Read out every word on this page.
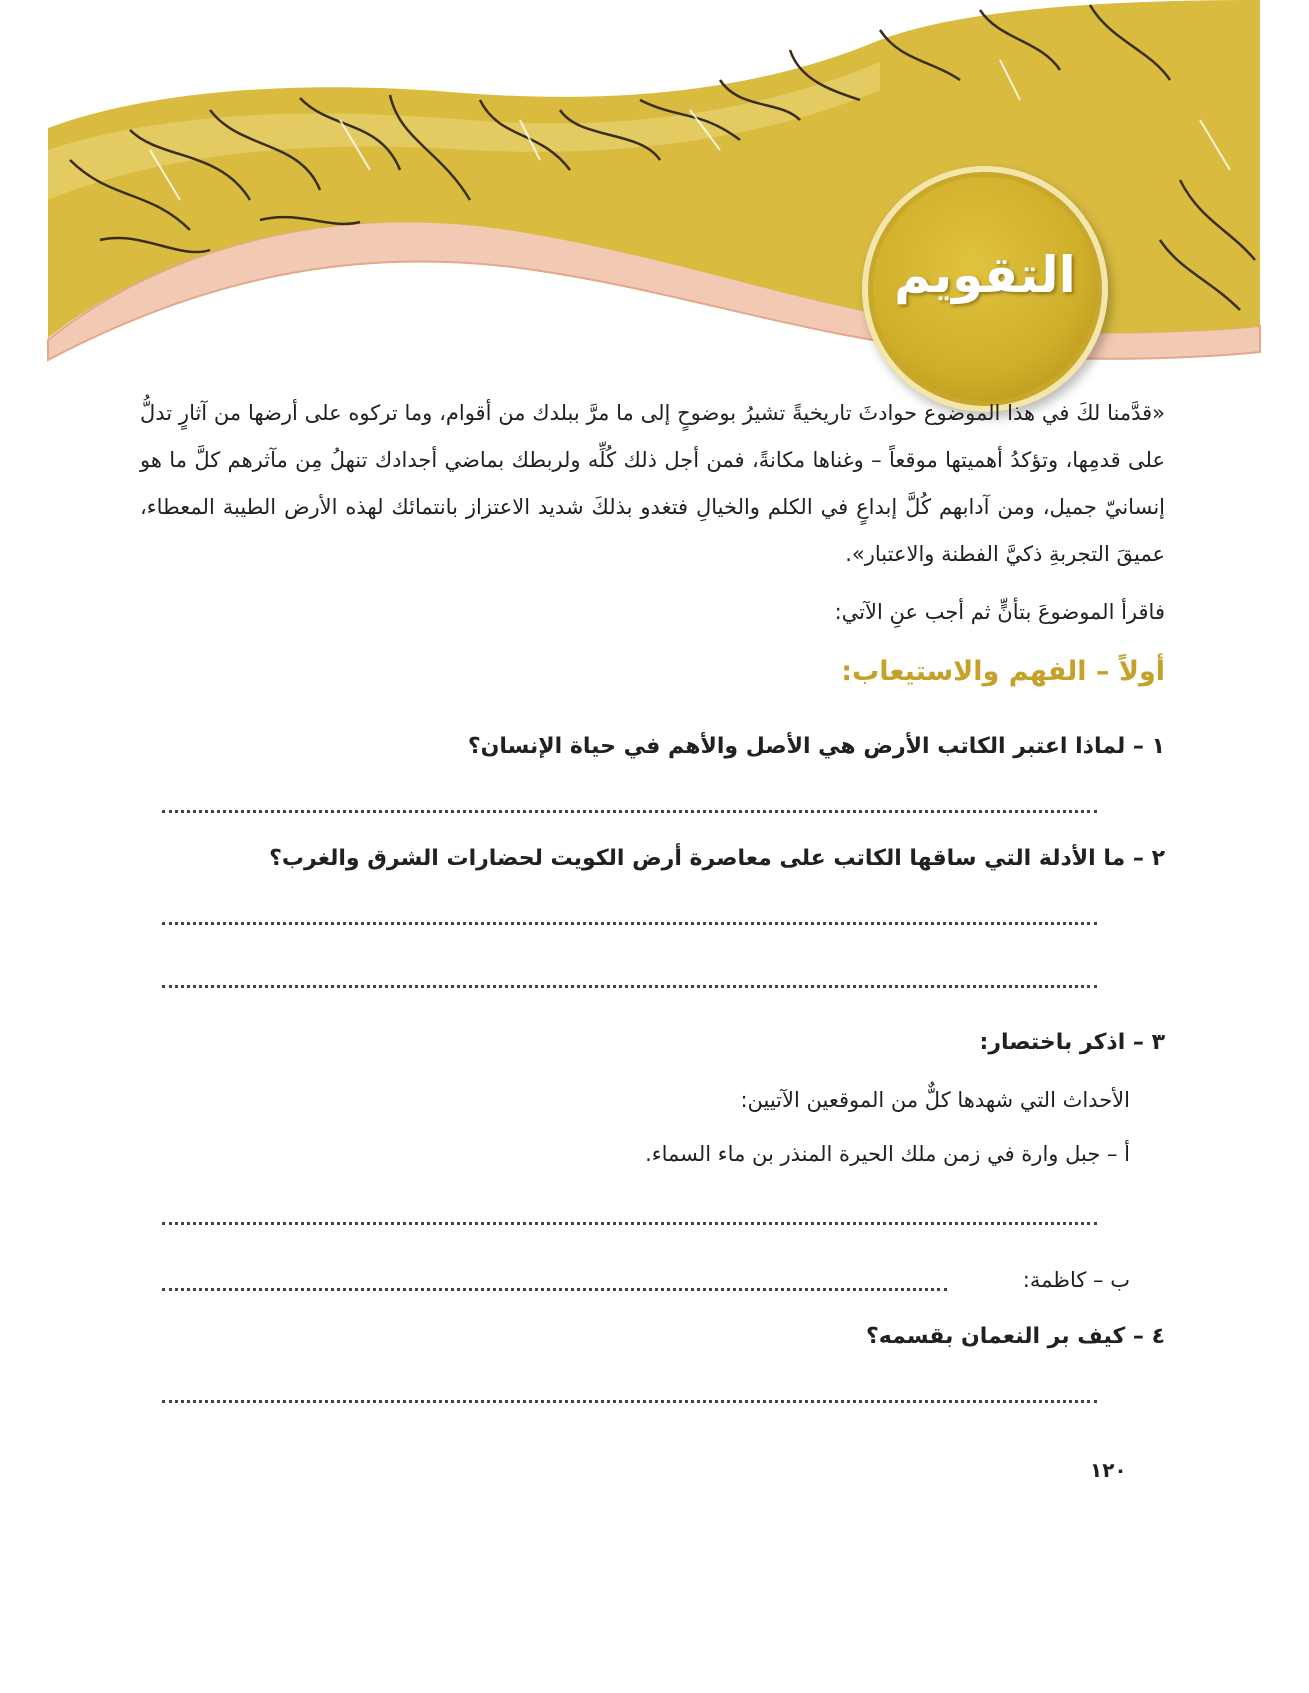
التقويم

«قدَّمنا لكَ في هذا الموضوع حوادثَ تاريخيةً تشيرُ بوضوحٍ إلى ما مرَّ ببلدك من أقوام، وما تركوه على أرضها من آثارٍ تدلُّ على قدمِها، وتؤكدُ أهميتها موقعاً – وغناها مكانةً، فمن أجل ذلك كُلِّه ولربطك بماضي أجدادك تنهلُ مِن مآثرهم كلَّ ما هو إنسانيّ جميل، ومن آدابهم كُلَّ إبداعٍ في الكلم والخيالِ فتغدو بذلكَ شديد الاعتزاز بانتمائك لهذه الأرض الطيبة المعطاء، عميقَ التجربةِ ذكيَّ الفطنة والاعتبار».

فاقرأ الموضوعَ بتأنٍّ ثم أجب عنِ الآتي:
أولاً – الفهم والاستيعاب:
١ – لماذا اعتبر الكاتب الأرض هي الأصل والأهم في حياة الإنسان؟
٢ – ما الأدلة التي ساقها الكاتب على معاصرة أرض الكويت لحضارات الشرق والغرب؟
٣ – اذكر باختصار:
الأحداث التي شهدها كلٌّ من الموقعين الآتيين:
أ – جبل وارة في زمن ملك الحيرة المنذر بن ماء السماء.
ب – كاظمة:
٤ – كيف بر النعمان بقسمه؟
١٢٠
